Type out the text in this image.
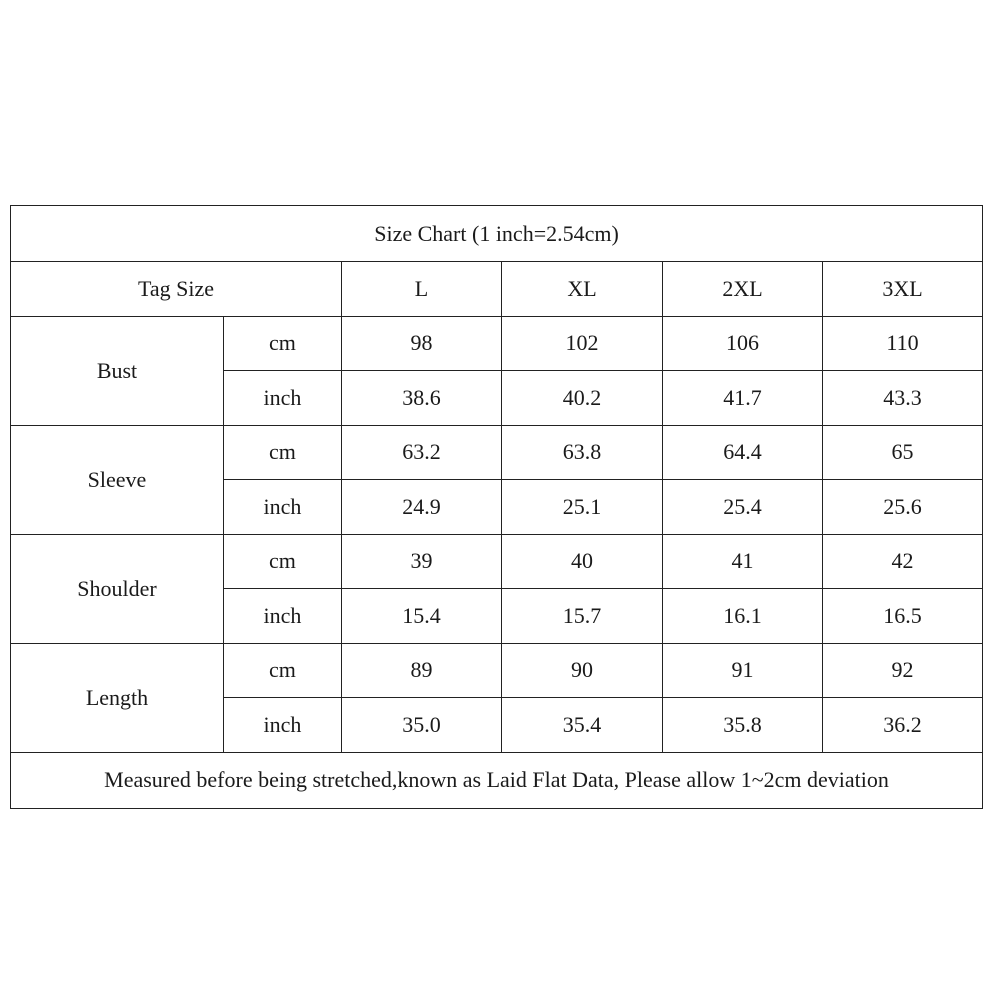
Size Chart (1 inch=2.54cm)					
Tag Size		L	XL	2XL	3XL
Bust	cm	98	102	106	110
	inch	38.6	40.2	41.7	43.3
Sleeve	cm	63.2	63.8	64.4	65
	inch	24.9	25.1	25.4	25.6
Shoulder	cm	39	40	41	42
	inch	15.4	15.7	16.1	16.5
Length	cm	89	90	91	92
	inch	35.0	35.4	35.8	36.2
Measured before being stretched,known as Laid Flat Data, Please allow 1~2cm deviation					
